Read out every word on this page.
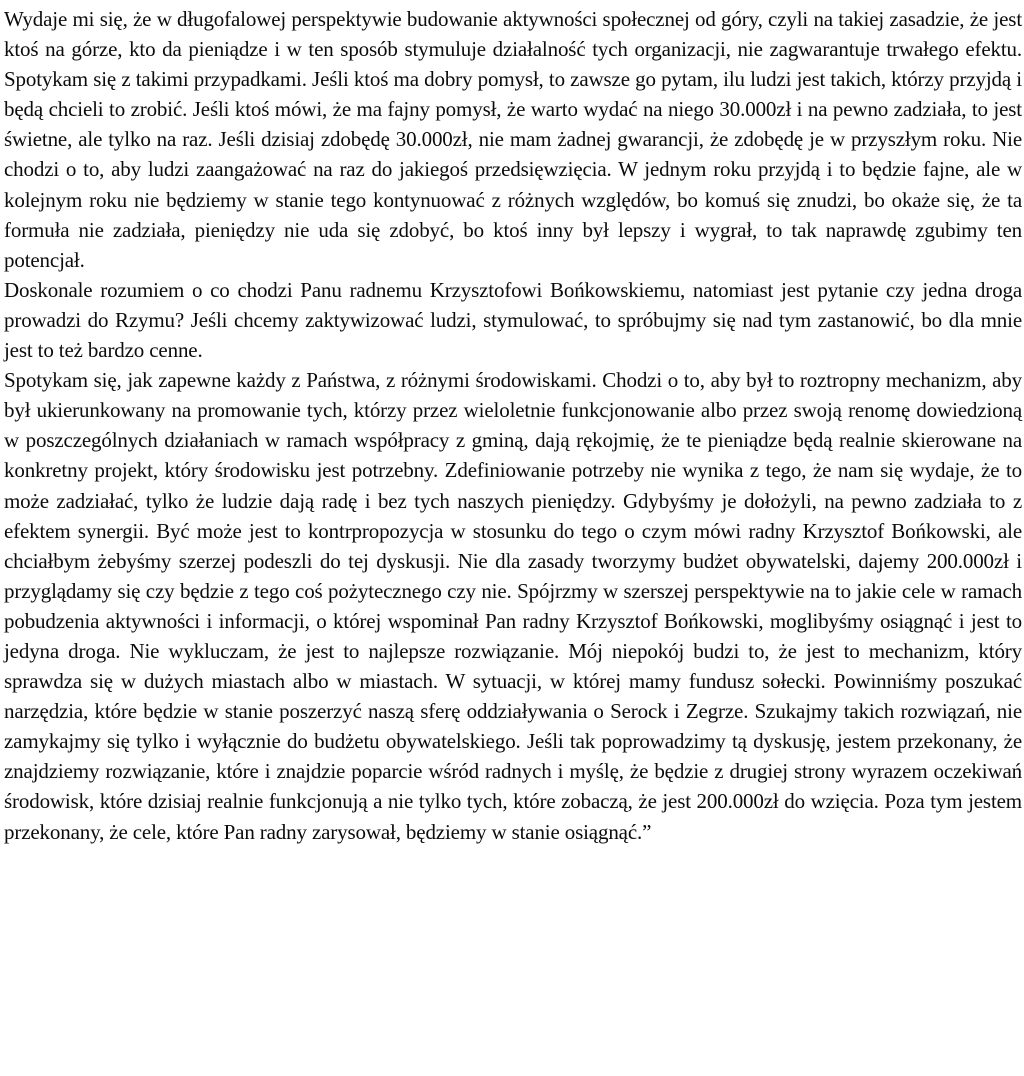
Wydaje mi się, że w długofalowej perspektywie budowanie aktywności społecznej od góry, czyli na takiej zasadzie, że jest ktoś na górze, kto da pieniądze i w ten sposób stymuluje działalność tych organizacji, nie zagwarantuje trwałego efektu. Spotykam się z takimi przypadkami. Jeśli ktoś ma dobry pomysł, to zawsze go pytam, ilu ludzi jest takich, którzy przyjdą i będą chcieli to zrobić. Jeśli ktoś mówi, że ma fajny pomysł, że warto wydać na niego 30.000zł i na pewno zadziała, to jest świetne, ale tylko na raz. Jeśli dzisiaj zdobędę 30.000zł, nie mam żadnej gwarancji, że zdobędę je w przyszłym roku. Nie chodzi o to, aby ludzi zaangażować na raz do jakiegoś przedsięwzięcia. W jednym roku przyjdą i to będzie fajne, ale w kolejnym roku nie będziemy w stanie tego kontynuować z różnych względów, bo komuś się znudzi, bo okaże się, że ta formuła nie zadziała, pieniędzy nie uda się zdobyć, bo ktoś inny był lepszy i wygrał, to tak naprawdę zgubimy ten potencjał.

Doskonale rozumiem o co chodzi Panu radnemu Krzysztofowi Bońkowskiemu, natomiast jest pytanie czy jedna droga prowadzi do Rzymu? Jeśli chcemy zaktywizować ludzi, stymulować, to spróbujmy się nad tym zastanowić, bo dla mnie jest to też bardzo cenne.

Spotykam się, jak zapewne każdy z Państwa, z różnymi środowiskami. Chodzi o to, aby był to roztropny mechanizm, aby był ukierunkowany na promowanie tych, którzy przez wieloletnie funkcjonowanie albo przez swoją renomę dowiedzioną w poszczególnych działaniach w ramach współpracy z gminą, dają rękojmię, że te pieniądze będą realnie skierowane na konkretny projekt, który środowisku jest potrzebny. Zdefiniowanie potrzeby nie wynika z tego, że nam się wydaje, że to może zadziałać, tylko że ludzie dają radę i bez tych naszych pieniędzy. Gdybyśmy je dołożyli, na pewno zadziała to z efektem synergii. Być może jest to kontrpropozycja w stosunku do tego o czym mówi radny Krzysztof Bońkowski, ale chciałbym żebyśmy szerzej podeszli do tej dyskusji. Nie dla zasady tworzymy budżet obywatelski, dajemy 200.000zł i przyglądamy się czy będzie z tego coś pożytecznego czy nie. Spójrzmy w szerszej perspektywie na to jakie cele w ramach pobudzenia aktywności i informacji, o której wspominał Pan radny Krzysztof Bońkowski, moglibyśmy osiągnąć i jest to jedyna droga. Nie wykluczam, że jest to najlepsze rozwiązanie. Mój niepokój budzi to, że jest to mechanizm, który sprawdza się w dużych miastach albo w miastach. W sytuacji, w której mamy fundusz sołecki. Powinniśmy poszukać narzędzia, które będzie w stanie poszerzyć naszą sferę oddziaływania o Serock i Zegrze. Szukajmy takich rozwiązań, nie zamykajmy się tylko i wyłącznie do budżetu obywatelskiego. Jeśli tak poprowadzimy tą dyskusję, jestem przekonany, że znajdziemy rozwiązanie, które i znajdzie poparcie wśród radnych i myślę, że będzie z drugiej strony wyrazem oczekiwań środowisk, które dzisiaj realnie funkcjonują a nie tylko tych, które zobaczą, że jest 200.000zł do wzięcia. Poza tym jestem przekonany, że cele, które Pan radny zarysował, będziemy w stanie osiągnąć.”
